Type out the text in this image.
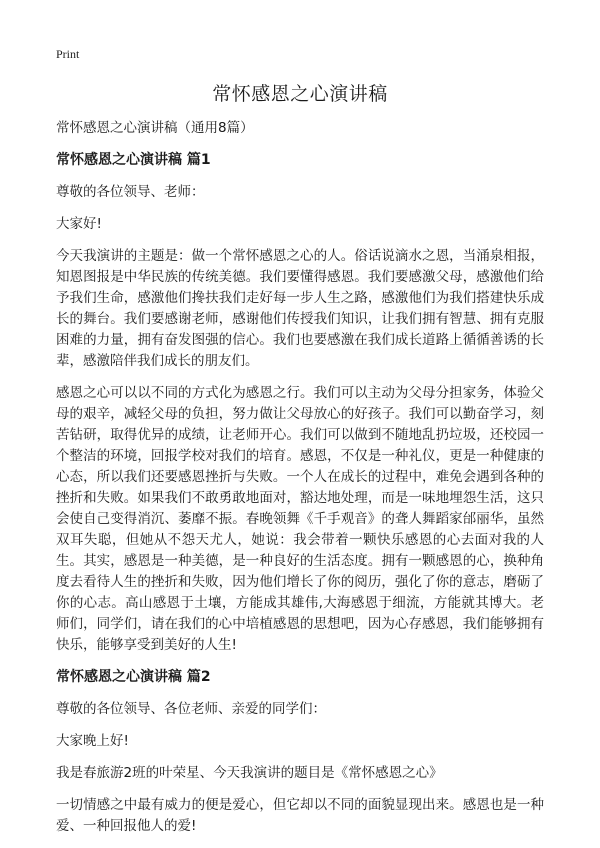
Print
常怀感恩之心演讲稿

常怀感恩之心演讲稿（通用8篇）

常怀感恩之心演讲稿 篇1

尊敬的各位领导、老师：

大家好!

今天我演讲的主题是：做一个常怀感恩之心的人。俗话说滴水之恩，当涌泉相报，知恩图报是中华民族的传统美德。我们要懂得感恩。我们要感激父母，感激他们给予我们生命，感激他们搀扶我们走好每一步人生之路，感激他们为我们搭建快乐成长的舞台。我们要感谢老师，感谢他们传授我们知识，让我们拥有智慧、拥有克服困难的力量，拥有奋发图强的信心。我们也要感激在我们成长道路上循循善诱的长辈，感激陪伴我们成长的朋友们。

感恩之心可以以不同的方式化为感恩之行。我们可以主动为父母分担家务，体验父母的艰辛，减轻父母的负担，努力做让父母放心的好孩子。我们可以勤奋学习，刻苦钻研，取得优异的成绩，让老师开心。我们可以做到不随地乱扔垃圾，还校园一个整洁的环境，回报学校对我们的培育。感恩，不仅是一种礼仪，更是一种健康的心态，所以我们还要感恩挫折与失败。一个人在成长的过程中，难免会遇到各种的挫折和失败。如果我们不敢勇敢地面对，豁达地处理，而是一味地埋怨生活，这只会使自己变得消沉、萎靡不振。春晚领舞《千手观音》的聋人舞蹈家邰丽华，虽然双耳失聪，但她从不怨天尤人，她说：我会带着一颗快乐感恩的心去面对我的人生。其实，感恩是一种美德，是一种良好的生活态度。拥有一颗感恩的心，换种角度去看待人生的挫折和失败，因为他们增长了你的阅历，强化了你的意志，磨砺了你的心志。高山感恩于土壤，方能成其雄伟,大海感恩于细流，方能就其博大。老师们，同学们，请在我们的心中培植感恩的思想吧，因为心存感恩，我们能够拥有快乐，能够享受到美好的人生!

常怀感恩之心演讲稿 篇2

尊敬的各位领导、各位老师、亲爱的同学们：

大家晚上好!

我是春旅游2班的叶荣星、今天我演讲的题目是《常怀感恩之心》

一切情感之中最有威力的便是爱心，但它却以不同的面貌显现出来。感恩也是一种爱、一种回报他人的爱!
